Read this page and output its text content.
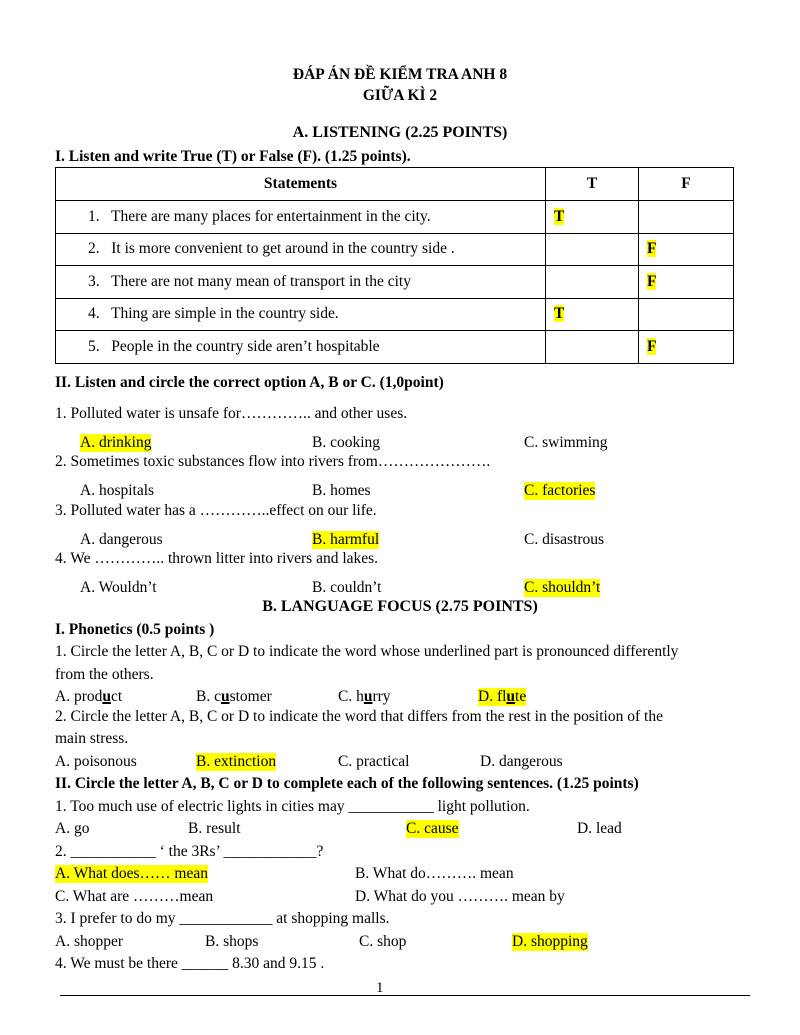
ĐÁP ÁN ĐỀ KIỂM TRA ANH 8
GIỮA KÌ 2
A. LISTENING (2.25 POINTS)
I. Listen and write True (T) or False (F). (1.25 points).
Statements	T	F
1. There are many places for entertainment in the city.	T	
2. It is more convenient to get around in the country side .		F
3. There are not many mean of transport in the city		F
4. Thing are simple in the country side.	T	
5. People in the country side aren’t hospitable		F
II. Listen and circle the correct option A, B or C. (1,0point)
1. Polluted water is unsafe for………….. and other uses.
A. drinking	B. cooking	C. swimming
2. Sometimes toxic substances flow into rivers from………………….
A. hospitals	B. homes	C. factories
3. Polluted water has a …………..effect on our life.
A. dangerous	B. harmful	C. disastrous
4. We ………….. thrown litter into rivers and lakes.
A. Wouldn’t	B. couldn’t	C. shouldn’t
B. LANGUAGE FOCUS (2.75 POINTS)
I. Phonetics (0.5 points )
1. Circle the letter A, B, C or D to indicate the word whose underlined part is pronounced differently
from the others.
A. product	B. customer	C. hurry	D. flute
2. Circle the letter A, B, C or D to indicate the word that differs from the rest in the position of the
main stress.
A. poisonous	B. extinction	C. practical	D. dangerous
II. Circle the letter A, B, C or D to complete each of the following sentences. (1.25 points)
1. Too much use of electric lights in cities may ___________ light pollution.
A. go	B. result	C. cause	D. lead
2. ___________ ‘ the 3Rs’ ____________?
A. What does…… mean	B. What do………. mean
C. What are ………mean	D. What do you ………. mean by
3. I prefer to do my ____________ at shopping malls.
A. shopper	B. shops	C. shop	D. shopping
4. We must be there ______ 8.30 and 9.15 .
1
